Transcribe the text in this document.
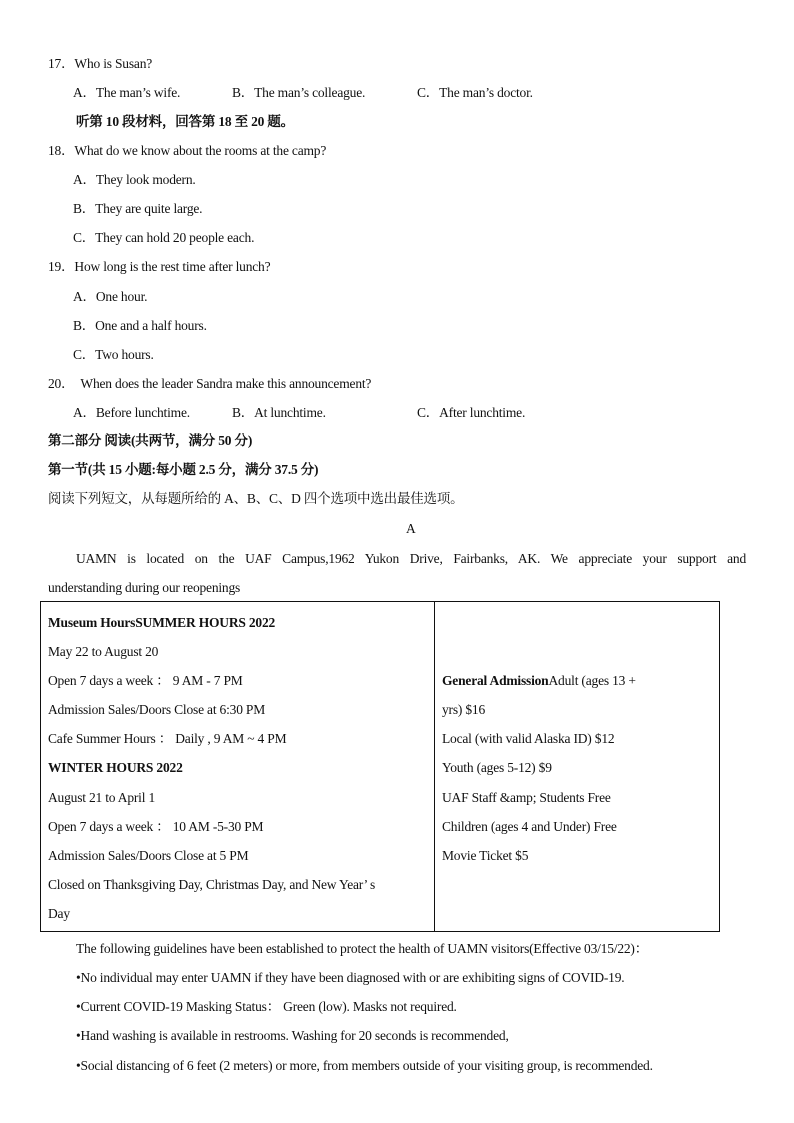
17．Who is Susan?
A．The man’s wife.	B．The man’s colleague.	C．The man’s doctor.
听第 10 段材料，回答第 18 至 20 题。
18．What do we know about the rooms at the camp?
A．They look modern.
B．They are quite large.
C．They can hold 20 people each.
19．How long is the rest time after lunch?
A．One hour.
B．One and a half hours.
C．Two hours.
20． When does the leader Sandra make this announcement?
A．Before lunchtime.	B．At lunchtime.	C．After lunchtime.
第二部分 阅读(共两节，满分 50 分)
第一节(共 15 小题:每小题 2.5 分，满分 37.5 分)
阅读下列短文，从每题所给的 A、B、C、D 四个选项中选出最佳选项。
A
UAMN is located on the UAF Campus,1962 Yukon Drive, Fairbanks, AK. We appreciate your support and
understanding during our reopenings
Museum HoursSUMMER HOURS 2022
May 22 to August 20
Open 7 days a week ： 9 AM - 7 PM
Admission Sales/Doors Close at 6:30 PM
Cafe Summer Hours ： Daily , 9 AM ~ 4 PM
WINTER HOURS 2022
August 21 to April 1
Open 7 days a week ： 10 AM -5-30 PM
Admission Sales/Doors Close at 5 PM
Closed on Thanksgiving Day, Christmas Day, and New Year’ s
Day
General AdmissionAdult (ages 13 +
yrs) $16
Local (with valid Alaska ID) $12
Youth (ages 5-12) $9
UAF Staff &amp; Students Free
Children (ages 4 and Under) Free
Movie Ticket $5
The following guidelines have been established to protect the health of UAMN visitors(Effective 03/15/22)：
•No individual may enter UAMN if they have been diagnosed with or are exhibiting signs of COVID-19.
•Current COVID-19 Masking Status： Green (low). Masks not required.
•Hand washing is available in restrooms. Washing for 20 seconds is recommended,
•Social distancing of 6 feet (2 meters) or more, from members outside of your visiting group, is recommended.
